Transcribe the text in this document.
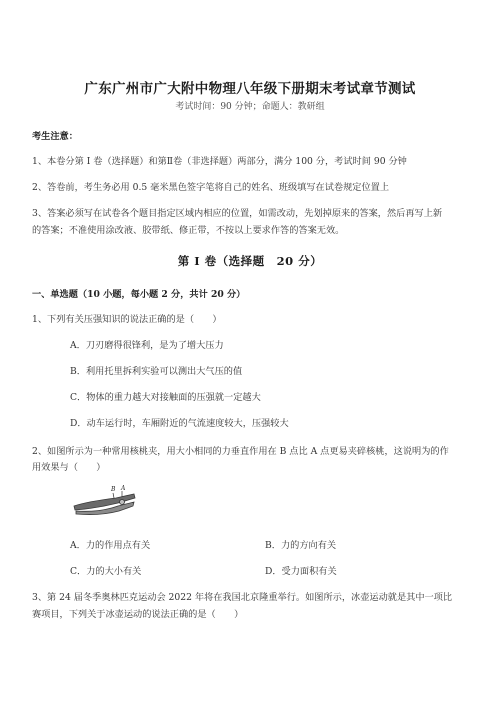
广东广州市广大附中物理八年级下册期末考试章节测试
考试时间：90 分钟；命题人：教研组
考生注意：
1、本卷分第 I 卷（选择题）和第Ⅱ卷（非选择题）两部分，满分 100 分，考试时间 90 分钟
2、答卷前，考生务必用 0.5 毫米黑色签字笔将自己的姓名、班级填写在试卷规定位置上
3、答案必须写在试卷各个题目指定区域内相应的位置，如需改动，先划掉原来的答案，然后再写上新
的答案；不准使用涂改液、胶带纸、修正带，不按以上要求作答的答案无效。
第 I 卷（选择题　20 分）
一、单选题（10 小题，每小题 2 分，共计 20 分）
1、下列有关压强知识的说法正确的是（　　）
A．刀刃磨得很锋利，是为了增大压力
B．利用托里拆利实验可以测出大气压的值
C．物体的重力越大对接触面的压强就一定越大
D．动车运行时，车厢附近的气流速度较大，压强较大
2、如图所示为一种常用核桃夹，用大小相同的力垂直作用在 B 点比 A 点更易夹碎核桃，这说明为的作
用效果与（　　）
B A
A．力的作用点有关	B．力的方向有关
C．力的大小有关	D．受力面积有关
3、第 24 届冬季奥林匹克运动会 2022 年将在我国北京隆重举行。如图所示，冰壶运动就是其中一项比
赛项目，下列关于冰壶运动的说法正确的是（　　）
